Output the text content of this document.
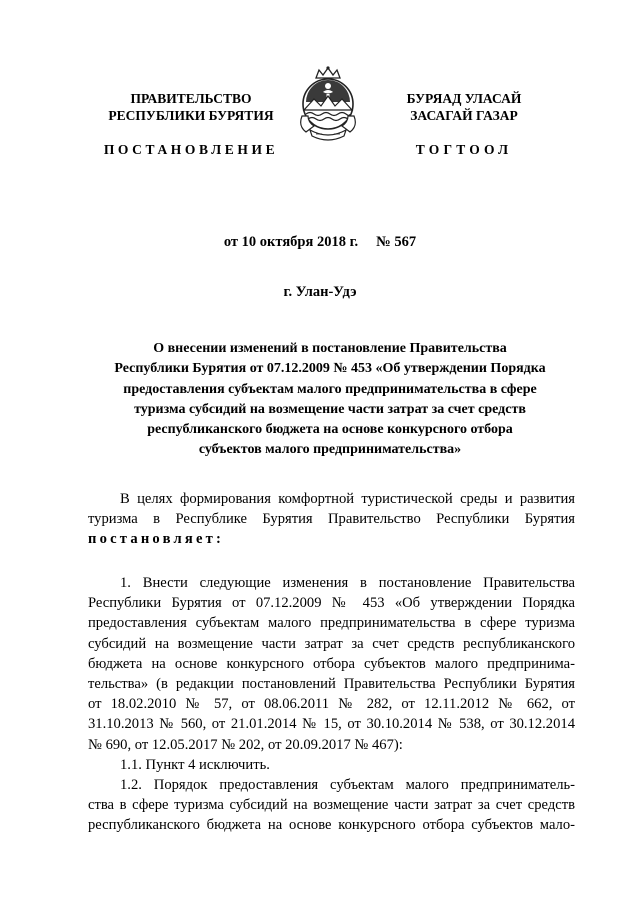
ПРАВИТЕЛЬСТВО
РЕСПУБЛИКИ БУРЯТИЯ
ПОСТАНОВЛЕНИЕ
БУРЯАД УЛАСАЙ
ЗАСАГАЙ ГАЗАР
ТОГТООЛ
от 10 октября 2018 г. № 567
г. Улан-Удэ
О внесении изменений в постановление Правительства
Республики Бурятия от 07.12.2009 № 453 «Об утверждении Порядка
предоставления субъектам малого предпринимательства в сфере
туризма субсидий на возмещение части затрат за счет средств
республиканского бюджета на основе конкурсного отбора
субъектов малого предпринимательства»
В целях формирования комфортной туристической среды и развития
туризма в Республике Бурятия Правительство Республики Бурятия
постановляет:
1. Внести следующие изменения в постановление Правительства
Республики Бурятия от 07.12.2009 № 453 «Об утверждении Порядка
предоставления субъектам малого предпринимательства в сфере туризма
субсидий на возмещение части затрат за счет средств республиканского
бюджета на основе конкурсного отбора субъектов малого предпринима-
тельства» (в редакции постановлений Правительства Республики Бурятия
от 18.02.2010 № 57, от 08.06.2011 № 282, от 12.11.2012 № 662, от
31.10.2013 № 560, от 21.01.2014 № 15, от 30.10.2014 № 538, от 30.12.2014
№ 690, от 12.05.2017 № 202, от 20.09.2017 № 467):
1.1. Пункт 4 исключить.
1.2. Порядок предоставления субъектам малого предприниматель-
ства в сфере туризма субсидий на возмещение части затрат за счет средств
республиканского бюджета на основе конкурсного отбора субъектов мало-
